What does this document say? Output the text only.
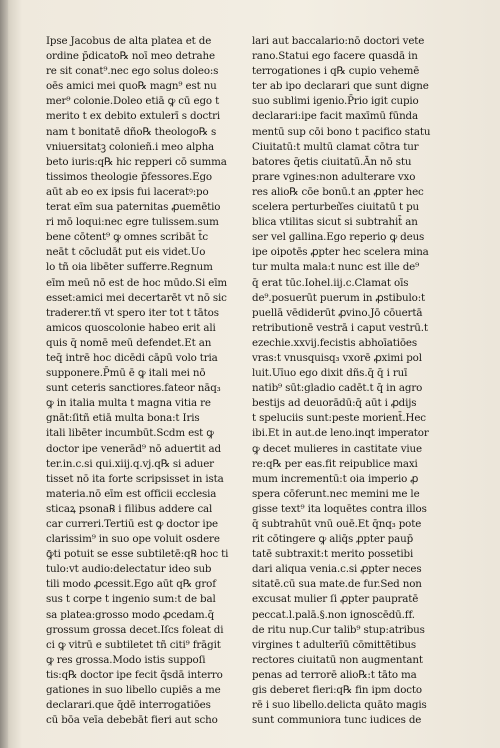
Ipse Jacobus de alta platea et de
ordine p̄dicato℞ noī meo detrahe
re sit conat⁹.nec ego solus doleo:s
oēs amici mei quo℞ magn⁹ est nu
mer⁹ colonie.Doleo etiā ꝙ cū ego t
merito t ex debito extulerī s doctri
nam t bonitatē dño℞ theologo℞ s
vniuersitatꝫ colonieñ.i meo alpha
beto iuris:q℞ hic repperi cō summa
tissimos theologie p̄fessores.Ego
aūt ab eo ex ipsis fui laceratꝰ:po
terat eīm sua paternitas ꝓuemētio
ri mō loqui:nec egre tulissem.sum
bene cōtent⁹ ꝙ omnes scribāt t̄c
neāt t cōcludāt put eis videt.Uo
lo tñ oia libēter sufferre.Regnum
eīm meū nō est de hoc mūdo.Si eīm
esset:amici mei decertarēt vt nō sic
traderer.tñ vt spero iter tot t tātos
amicos quoscolonie habeo erit ali
quis q̄ nomē meū defendet.Et an
teq̄ intrē hoc dicēdi cāpū volo tria
supponere.P̄mū ē ꝙ itali mei nō
sunt ceteris sanctiores.fateor nāq₃
ꝙ in italia multa t magna vitia re
gnāt:ſitñ etiā multa bona:t Iris
itali libēter incumbūt.Scdm est ꝙ
doctor ipe venerād⁹ nō aduertit ad
ter.in.c.si qui.xiij.q.vj.q℞ si aduer
tisset nō ita forte scripsisset in ista
materia.nō eīm est officii ecclesia
sticaꝝ psona℞ i filibus addere cal
car curreri.Tertiū est ꝙ doctor ipe
clarissim⁹ in suo ope voluit osdere
ꝙ̄ti potuit se esse subtiletē:q℞ hoc ti
tulo:vt audio:delectatur ideo sub
tili modo ꝓcessit.Ego aūt q℞ grof
sus t corpe t ingenio sum:t de bal
sa platea:grosso modo ꝓcedam.q̄
grossum grossa decet.Iſcs foleat di
ci ꝙ vitrū e subtiletet tñ citi⁹ frāgit
ꝙ res grossa.Modo istis suppoſi
tis:q℞ doctor ipe fecit q̄sdā interro
gationes in suo libello cupiēs a me
declarari.que q̄dē interrogatiōes
cū bōa veīa debebāt fieri aut scho
lari aut baccalario:nō doctori vete
rano.Statui ego facere quasdā in
terrogationes i q℞ cupio vehemē
ter ab ipo declarari que sunt digne
suo sublimi igenio.P̄rio igit cupio
declarari:ipe facit maxīmū fūnda
mentū sup cōi bono t pacifico statu
Ciuitatū:t multū clamat cōtra tur
batores q̄etis ciuitatū.Ān nō stu
prare vgines:non adulterare vxo
res alio℞ cōe bonū.t an ꝓpter hec
scelera perturbet͛ſes ciuitatū t pu
blica vtilitas sicut si subtrahit̄ an
ser vel gallina.Ego reperio ꝙ deus
ipe oipotēs ꝓpter hec scelera mina
tur multa mala:t nunc est ille de⁹
q̄ erat tūc.Iohel.iij.c.Clamat oīs
de⁹.posuerūt puerum in ꝓstibulo:t
puellā vēdiderūt ꝓvino.Jō cōuertā
retributionē vestrā i caput vestrū.t
ezechie.xxvij.fecistis abhoīatiōes
vras:t vnusquisq₃ vxorē ꝓximi pol
luit.Uīuo ego dixit dñs.q̄ q̄ i ruī
natib⁹ sūt:gladio cadēt.t q̄ in agro
bestijs ad deuorādū:q̄ aūt i ꝓdijs
t speluciis sunt:peste morient̄.Hec
ibi.Et in aut.de leno.inqt imperator
ꝙ decet mulieres in castitate viue
re:q℞ per eas.fit reipublice maxi
mum incrementū:t oia imperio ꝓ
spera cōferunt.nec memini me le
gisse text⁹ ita loquētes contra illos
q̄ subtrahūt vnū ouē.Et q̄nq₃ pote
rit cōtingere ꝙ aliq̄s ꝓpter paup̄
tatē subtraxit:t merito possetibi
dari aliqua venia.c.si ꝓpter neces
sitatē.cū sua mate.de fur.Sed non
excusat mulier ſi ꝓpter paupratē
peccat.l.palā.§.non ignoscēdū.ff.
de ritu nup.Cur talib⁹ stup:atribus
virgines t adulterīū cōmittētibus
rectores ciuitatū non augmentant
penas ad terrorē alio℞:t tāto ma
gis deberet fieri:q℞ fin ipm docto
rē i suo libello.delicta quāto magis
sunt communiora tunc iudices de
